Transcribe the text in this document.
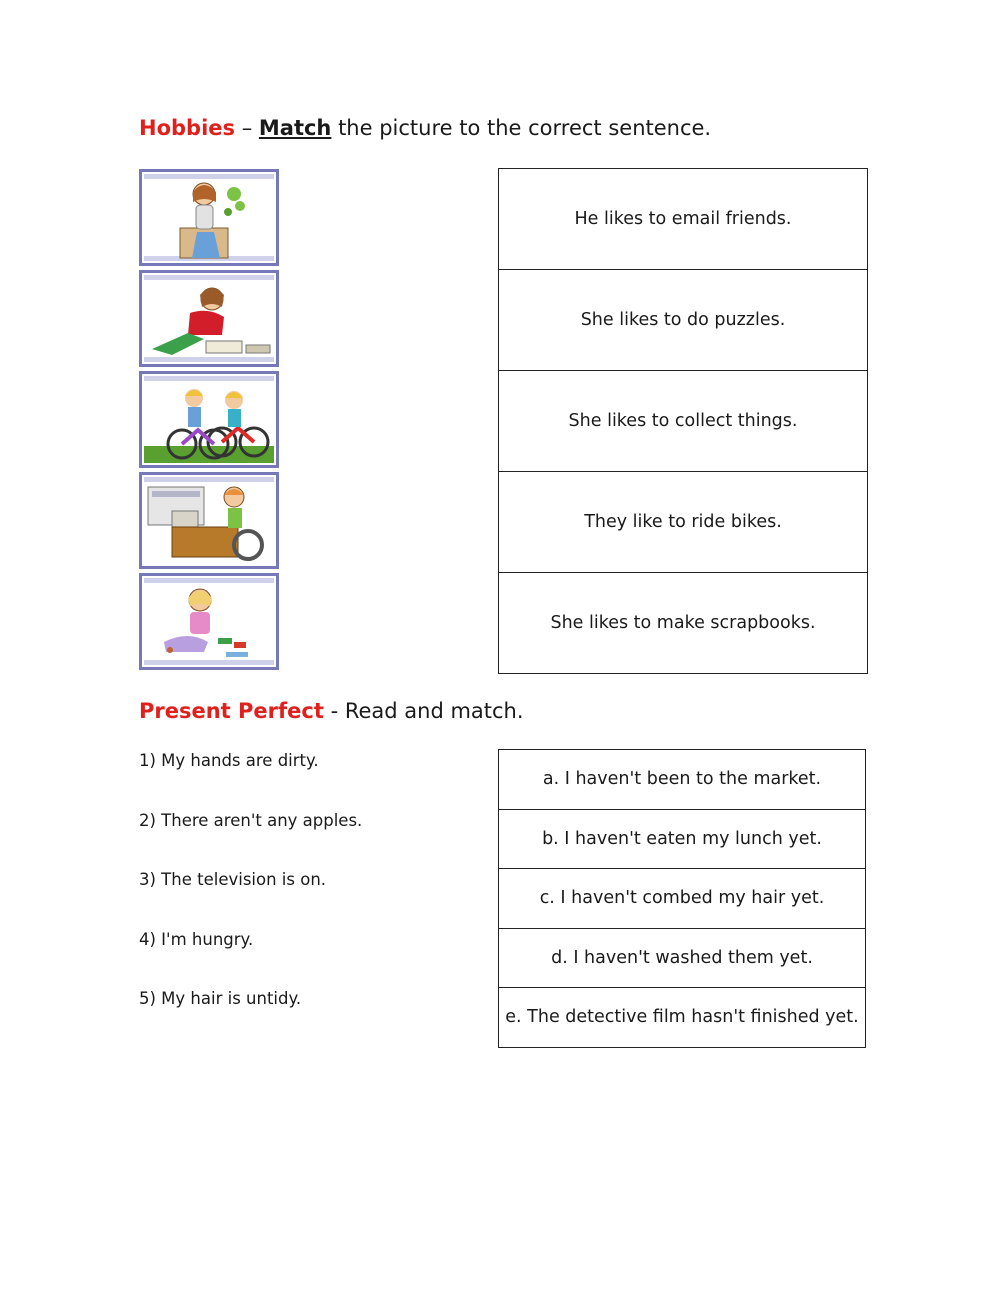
Hobbies – Match the picture to the correct sentence.
He likes to email friends.
She likes to do puzzles.
She likes to collect things.
They like to ride bikes.
She likes to make scrapbooks.
Present Perfect - Read and match.
1) My hands are dirty.
2) There aren't any apples.
3) The television is on.
4) I'm hungry.
5) My hair is untidy.
a. I haven't been to the market.
b. I haven't eaten my lunch yet.
c. I haven't combed my hair yet.
d. I haven't washed them yet.
e. The detective film hasn't finished yet.
